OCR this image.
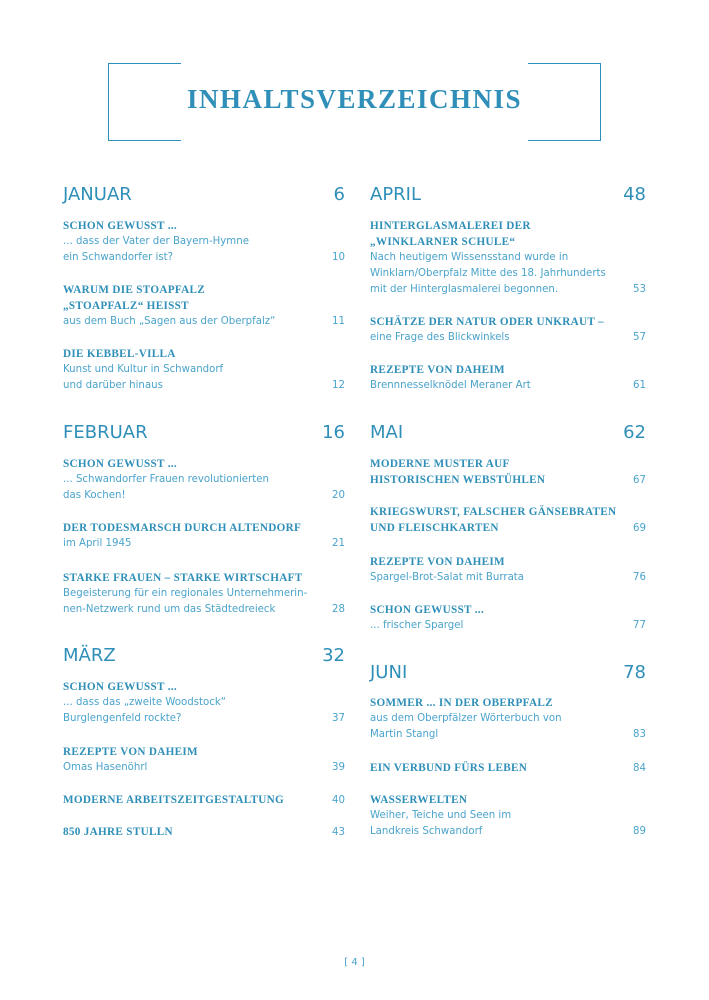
INHALTSVERZEICHNIS
JANUAR	6
SCHON GEWUSST ...
... dass der Vater der Bayern-Hymne
ein Schwandorfer ist?	10
WARUM DIE STOAPFALZ
„STOAPFALZ“ HEISST
aus dem Buch „Sagen aus der Oberpfalz“	11
DIE KEBBEL-VILLA
Kunst und Kultur in Schwandorf
und darüber hinaus	12
FEBRUAR	16
SCHON GEWUSST ...
... Schwandorfer Frauen revolutionierten
das Kochen!	20
DER TODESMARSCH DURCH ALTENDORF
im April 1945	21
STARKE FRAUEN – STARKE WIRTSCHAFT
Begeisterung für ein regionales Unternehmerin-
nen-Netzwerk rund um das Städtedreieck	28
MÄRZ	32
SCHON GEWUSST ...
... dass das „zweite Woodstock“
Burglengenfeld rockte?	37
REZEPTE VON DAHEIM
Omas Hasenöhrl	39
MODERNE ARBEITSZEITGESTALTUNG	40
850 JAHRE STULLN	43
APRIL	48
HINTERGLASMALEREI DER
„WINKLARNER SCHULE“
Nach heutigem Wissensstand wurde in
Winklarn/Oberpfalz Mitte des 18. Jahrhunderts
mit der Hinterglasmalerei begonnen.	53
SCHÄTZE DER NATUR ODER UNKRAUT –
eine Frage des Blickwinkels	57
REZEPTE VON DAHEIM
Brennnesselknödel Meraner Art	61
MAI	62
MODERNE MUSTER AUF
HISTORISCHEN WEBSTÜHLEN	67
KRIEGSWURST, FALSCHER GÄNSEBRATEN
UND FLEISCHKARTEN	69
REZEPTE VON DAHEIM
Spargel-Brot-Salat mit Burrata	76
SCHON GEWUSST ...
... frischer Spargel	77
JUNI	78
SOMMER ... IN DER OBERPFALZ
aus dem Oberpfälzer Wörterbuch von
Martin Stangl	83
EIN VERBUND FÜRS LEBEN	84
WASSERWELTEN
Weiher, Teiche und Seen im
Landkreis Schwandorf	89
[ 4 ]
